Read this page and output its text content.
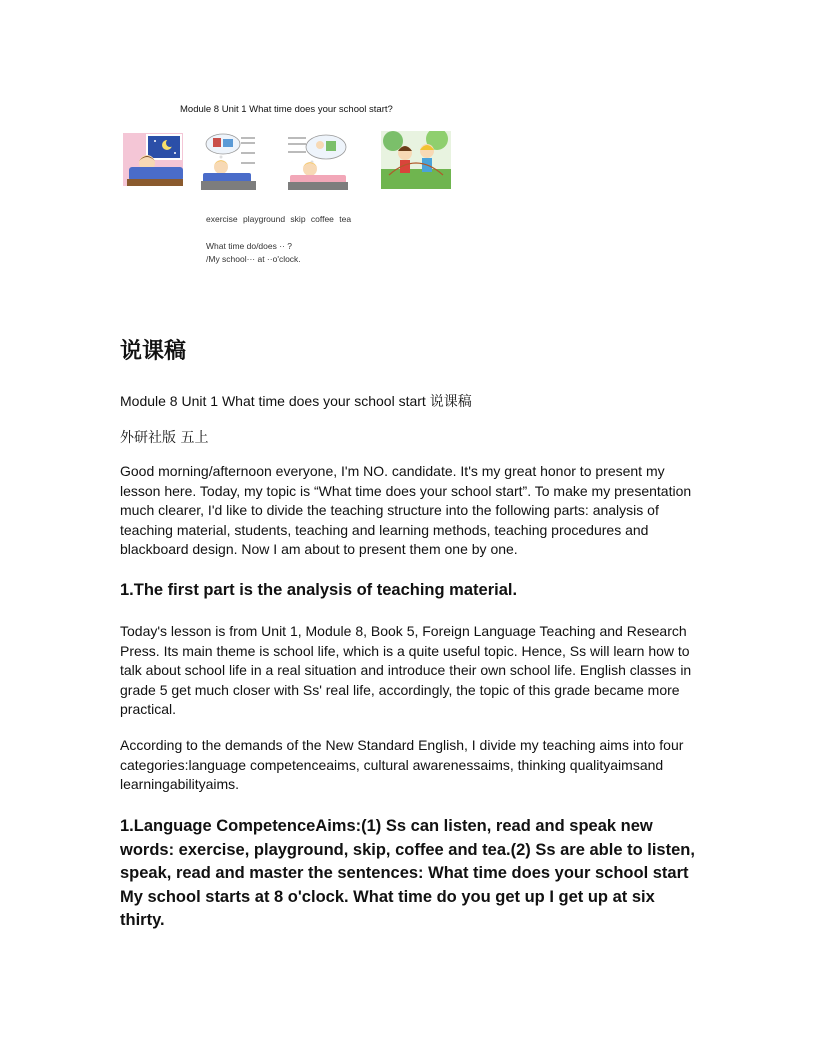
Module 8 Unit 1 What time does your school start?
exercise playground skip coffee tea
What time do/does ·· ?
/My school··· at ··o'clock.
说课稿
Module 8 Unit 1 What time does your school start 说课稿
外研社版 五上

Good morning/afternoon everyone, I'm NO. candidate. It's my great honor to present my lesson here. Today, my topic is “What time does your school start”. To make my presentation much clearer, I'd like to divide the teaching structure into the following parts: analysis of teaching material, students, teaching and learning methods, teaching procedures and blackboard design. Now I am about to present them one by one.

1.The first part is the analysis of teaching material.

Today's lesson is from Unit 1, Module 8, Book 5, Foreign Language Teaching and Research Press. Its main theme is school life, which is a quite useful topic. Hence, Ss will learn how to talk about school life in a real situation and introduce their own school life. English classes in grade 5 get much closer with Ss' real life, accordingly, the topic of this grade became more practical.

According to the demands of the New Standard English, I divide my teaching aims into four categories:language competenceaims, cultural awarenessaims, thinking qualityaimsand learningabilityaims.

1.Language CompetenceAims:(1) Ss can listen, read and speak new words: exercise, playground, skip, coffee and tea.(2) Ss are able to listen, speak, read and master the sentences: What time does your school start My school starts at 8 o'clock. What time do you get up I get up at six thirty.
